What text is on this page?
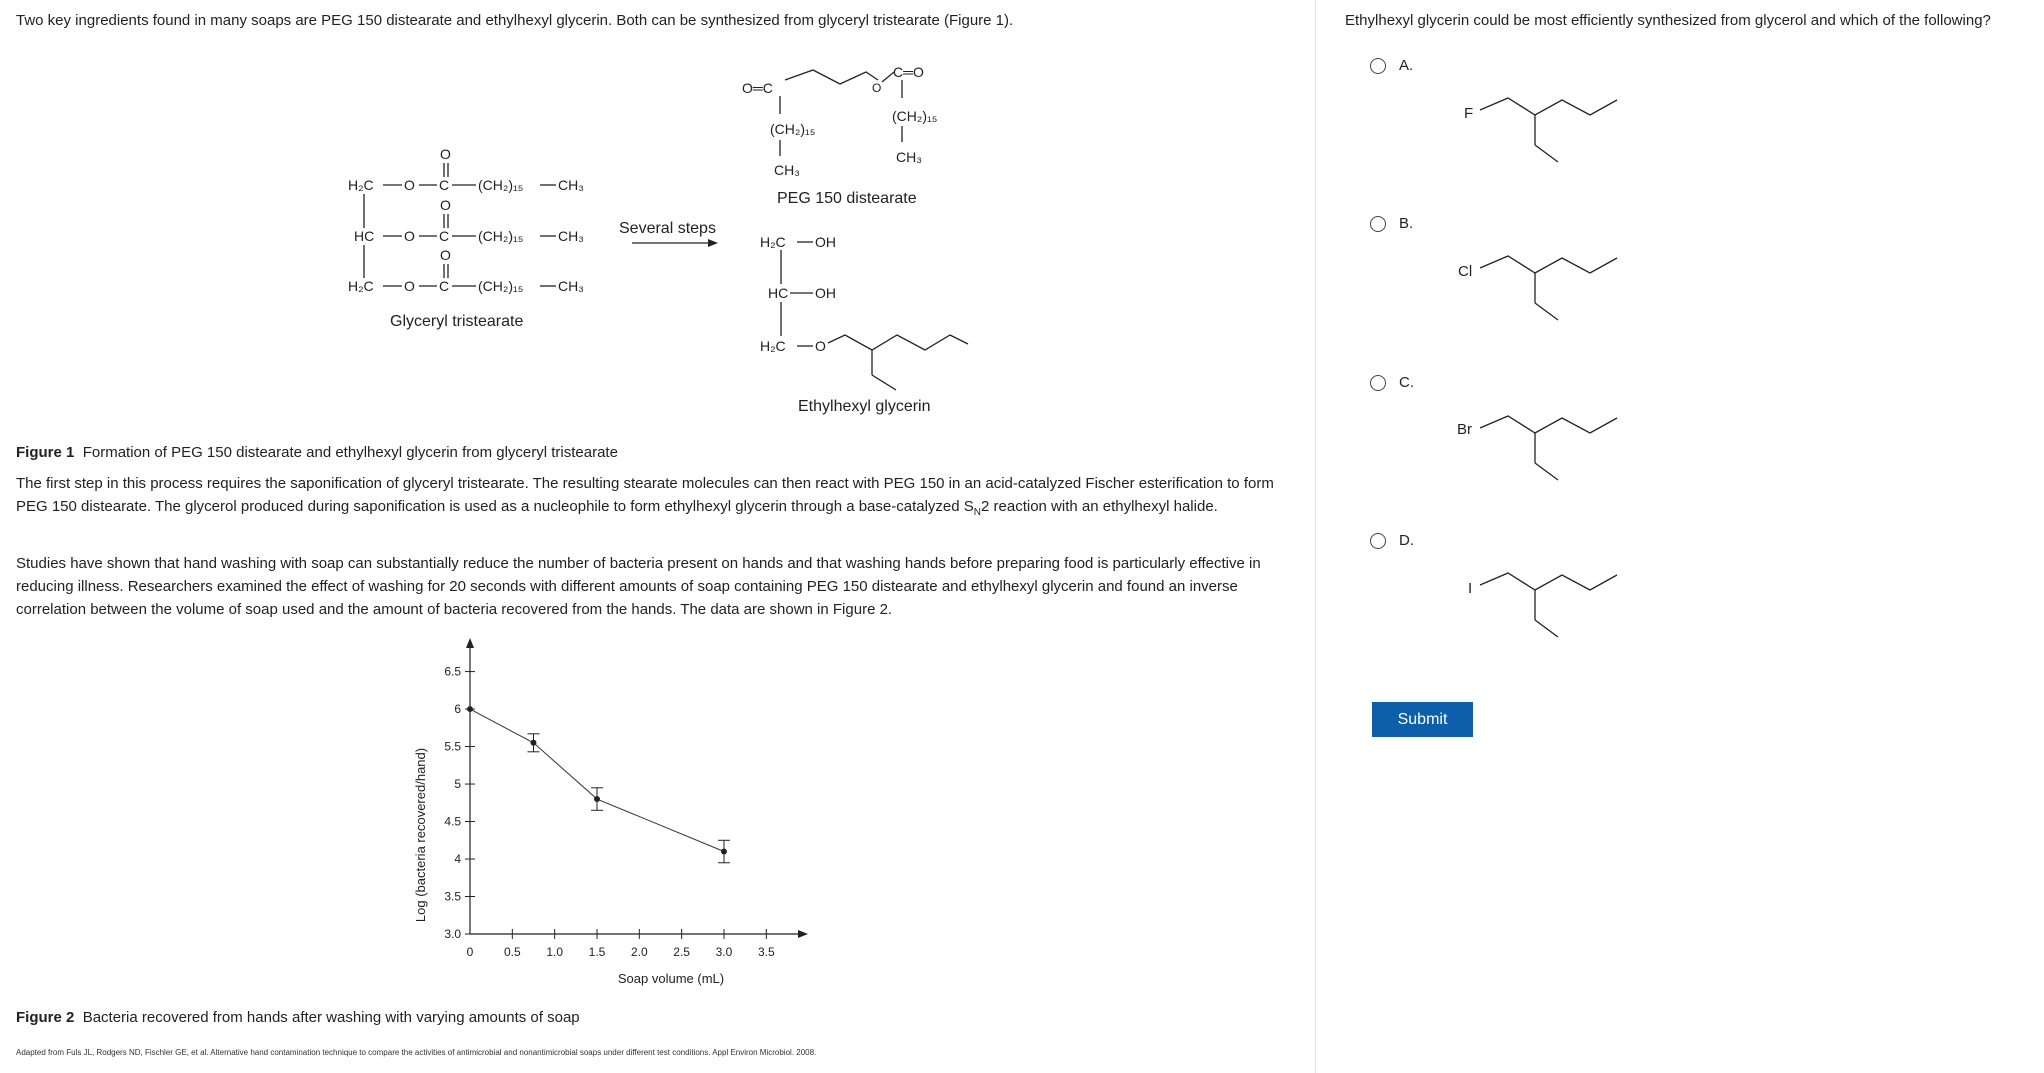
Two key ingredients found in many soaps are PEG 150 distearate and ethylhexyl glycerin. Both can be synthesized from glyceryl tristearate (Figure 1).
H₂C O C
O
(CH₂)₁₅ CH₃
HC O C
O
(CH₂)₁₅ CH₃
H₂C O C
O
(CH₂)₁₅ CH₃
Glyceryl tristearate
Several steps
O═C	O
C═O
(CH₂)₁₅
CH₃
(CH₂)₁₅
CH₃
PEG 150 distearate
H₂C OH
HC OH
H₂C O
Ethylhexyl glycerin
Figure 1 Formation of PEG 150 distearate and ethylhexyl glycerin from glyceryl tristearate
The first step in this process requires the saponification of glyceryl tristearate. The resulting stearate molecules can then react with PEG 150 in an acid-catalyzed Fischer esterification to form PEG 150 distearate. The glycerol produced during saponification is used as a nucleophile to form ethylhexyl glycerin through a base-catalyzed $S_N2$ reaction with an ethylhexyl halide.
Studies have shown that hand washing with soap can substantially reduce the number of bacteria present on hands and that washing hands before preparing food is particularly effective in reducing illness. Researchers examined the effect of washing for 20 seconds with different amounts of soap containing PEG 150 distearate and ethylhexyl glycerin and found an inverse correlation between the volume of soap used and the amount of bacteria recovered from the hands. The data are shown in Figure 2.
0	0.5 1.0 1.5 2.0 2.5 3.0 3.5
3.0
3.5
4
4.5
5
5.5
6
6.5
Log (bacteria recovered/hand)
Soap volume (mL)
Figure 2 Bacteria recovered from hands after washing with varying amounts of soap
Adapted from Fuls JL, Rodgers ND, Fischler GE, et al. Alternative hand contamination technique to compare the activities of antimicrobial and nonantimicrobial soaps under different test conditions. Appl Environ Microbiol. 2008.
Ethylhexyl glycerin could be most efficiently synthesized from glycerol and which of the following?
A.
B.
C.
D.
F
Cl
Br
I
Submit
